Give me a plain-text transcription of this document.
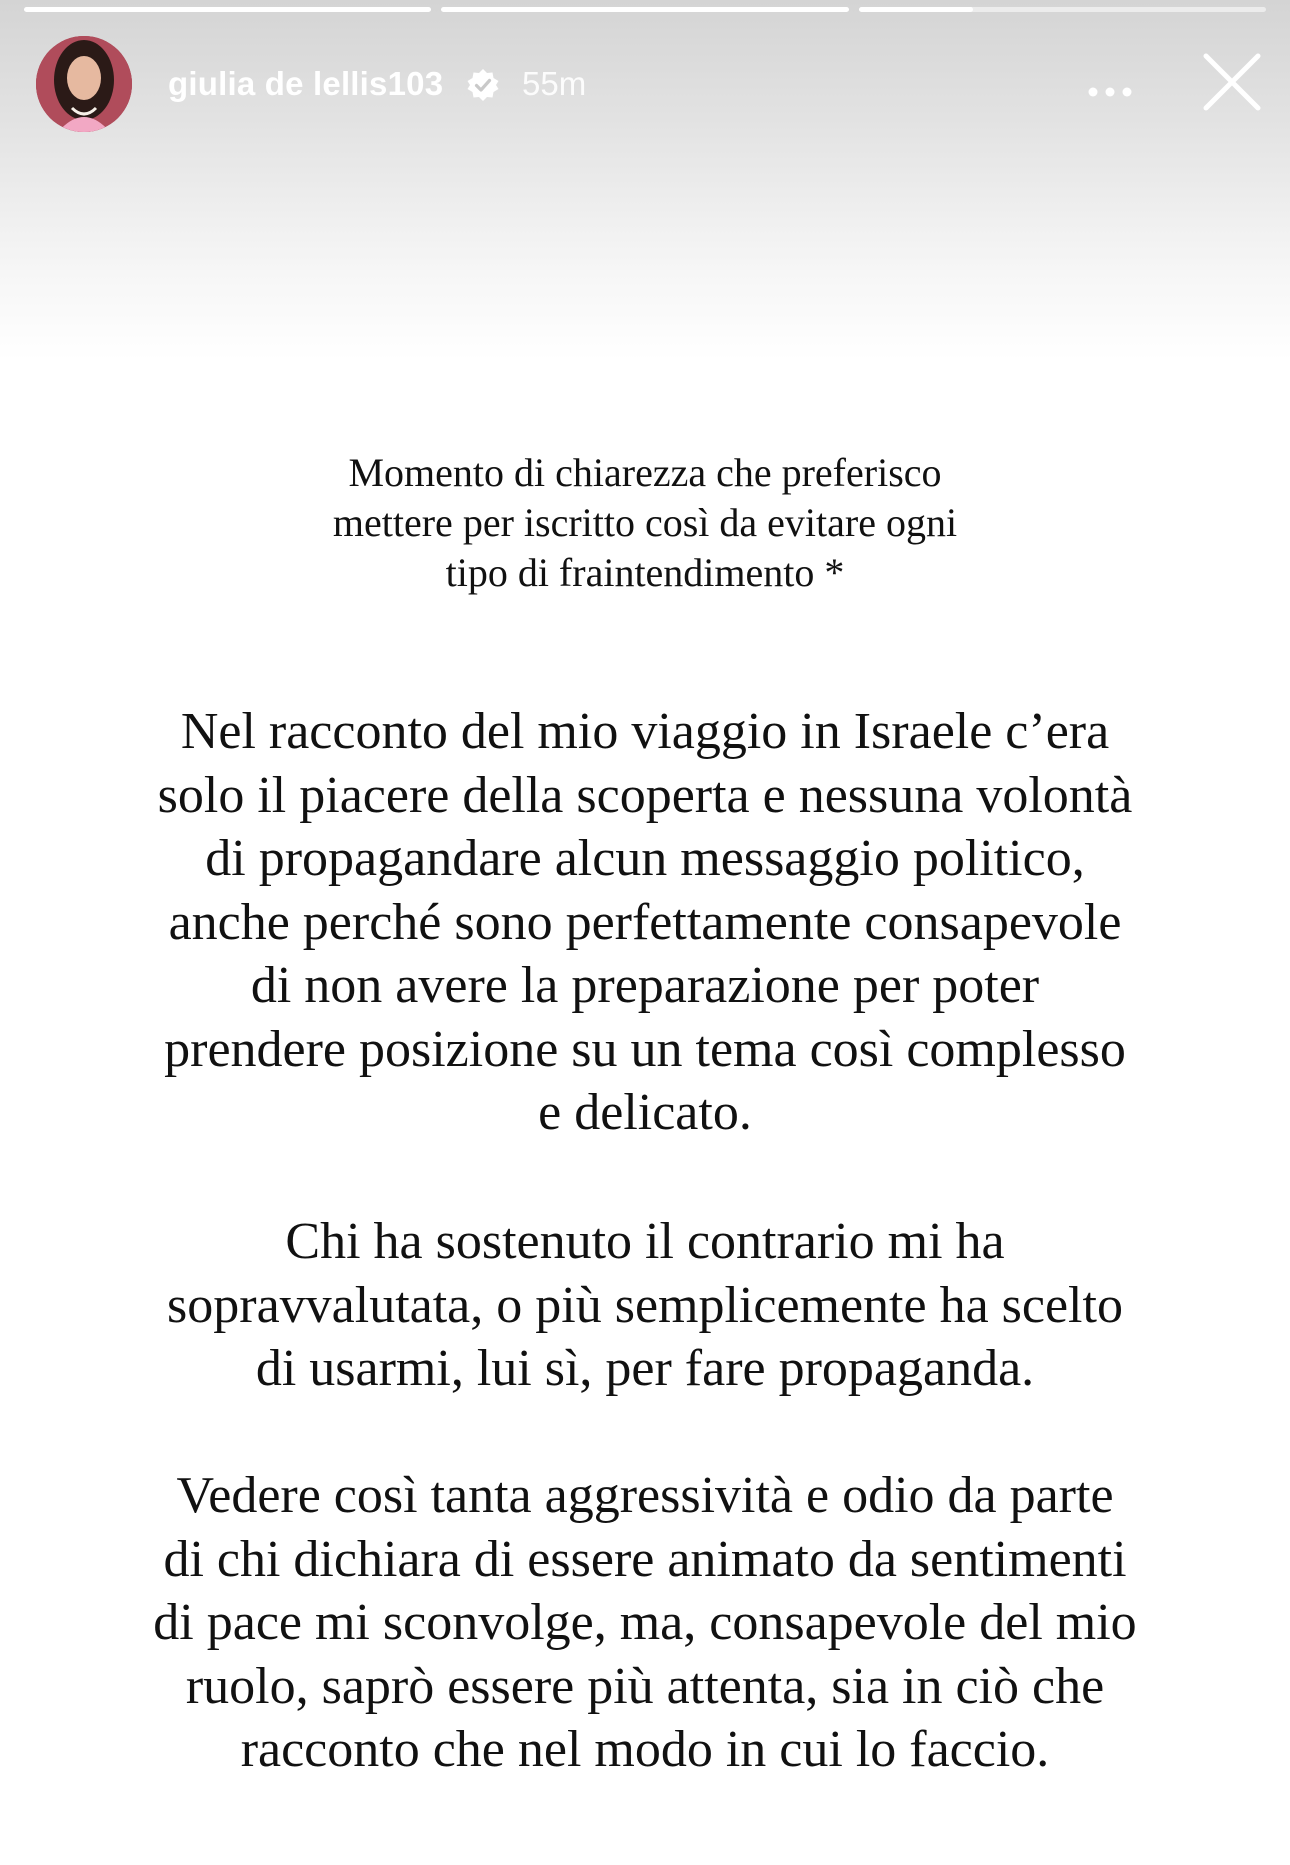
giulia de lellis103 55m
Momento di chiarezza che preferisco
mettere per iscritto così da evitare ogni
tipo di fraintendimento *
Nel racconto del mio viaggio in Israele c’era
solo il piacere della scoperta e nessuna volontà
di propagandare alcun messaggio politico,
anche perché sono perfettamente consapevole
di non avere la preparazione per poter
prendere posizione su un tema così complesso
e delicato.
Chi ha sostenuto il contrario mi ha
sopravvalutata, o più semplicemente ha scelto
di usarmi, lui sì, per fare propaganda.
Vedere così tanta aggressività e odio da parte
di chi dichiara di essere animato da sentimenti
di pace mi sconvolge, ma, consapevole del mio
ruolo, saprò essere più attenta, sia in ciò che
racconto che nel modo in cui lo faccio.
